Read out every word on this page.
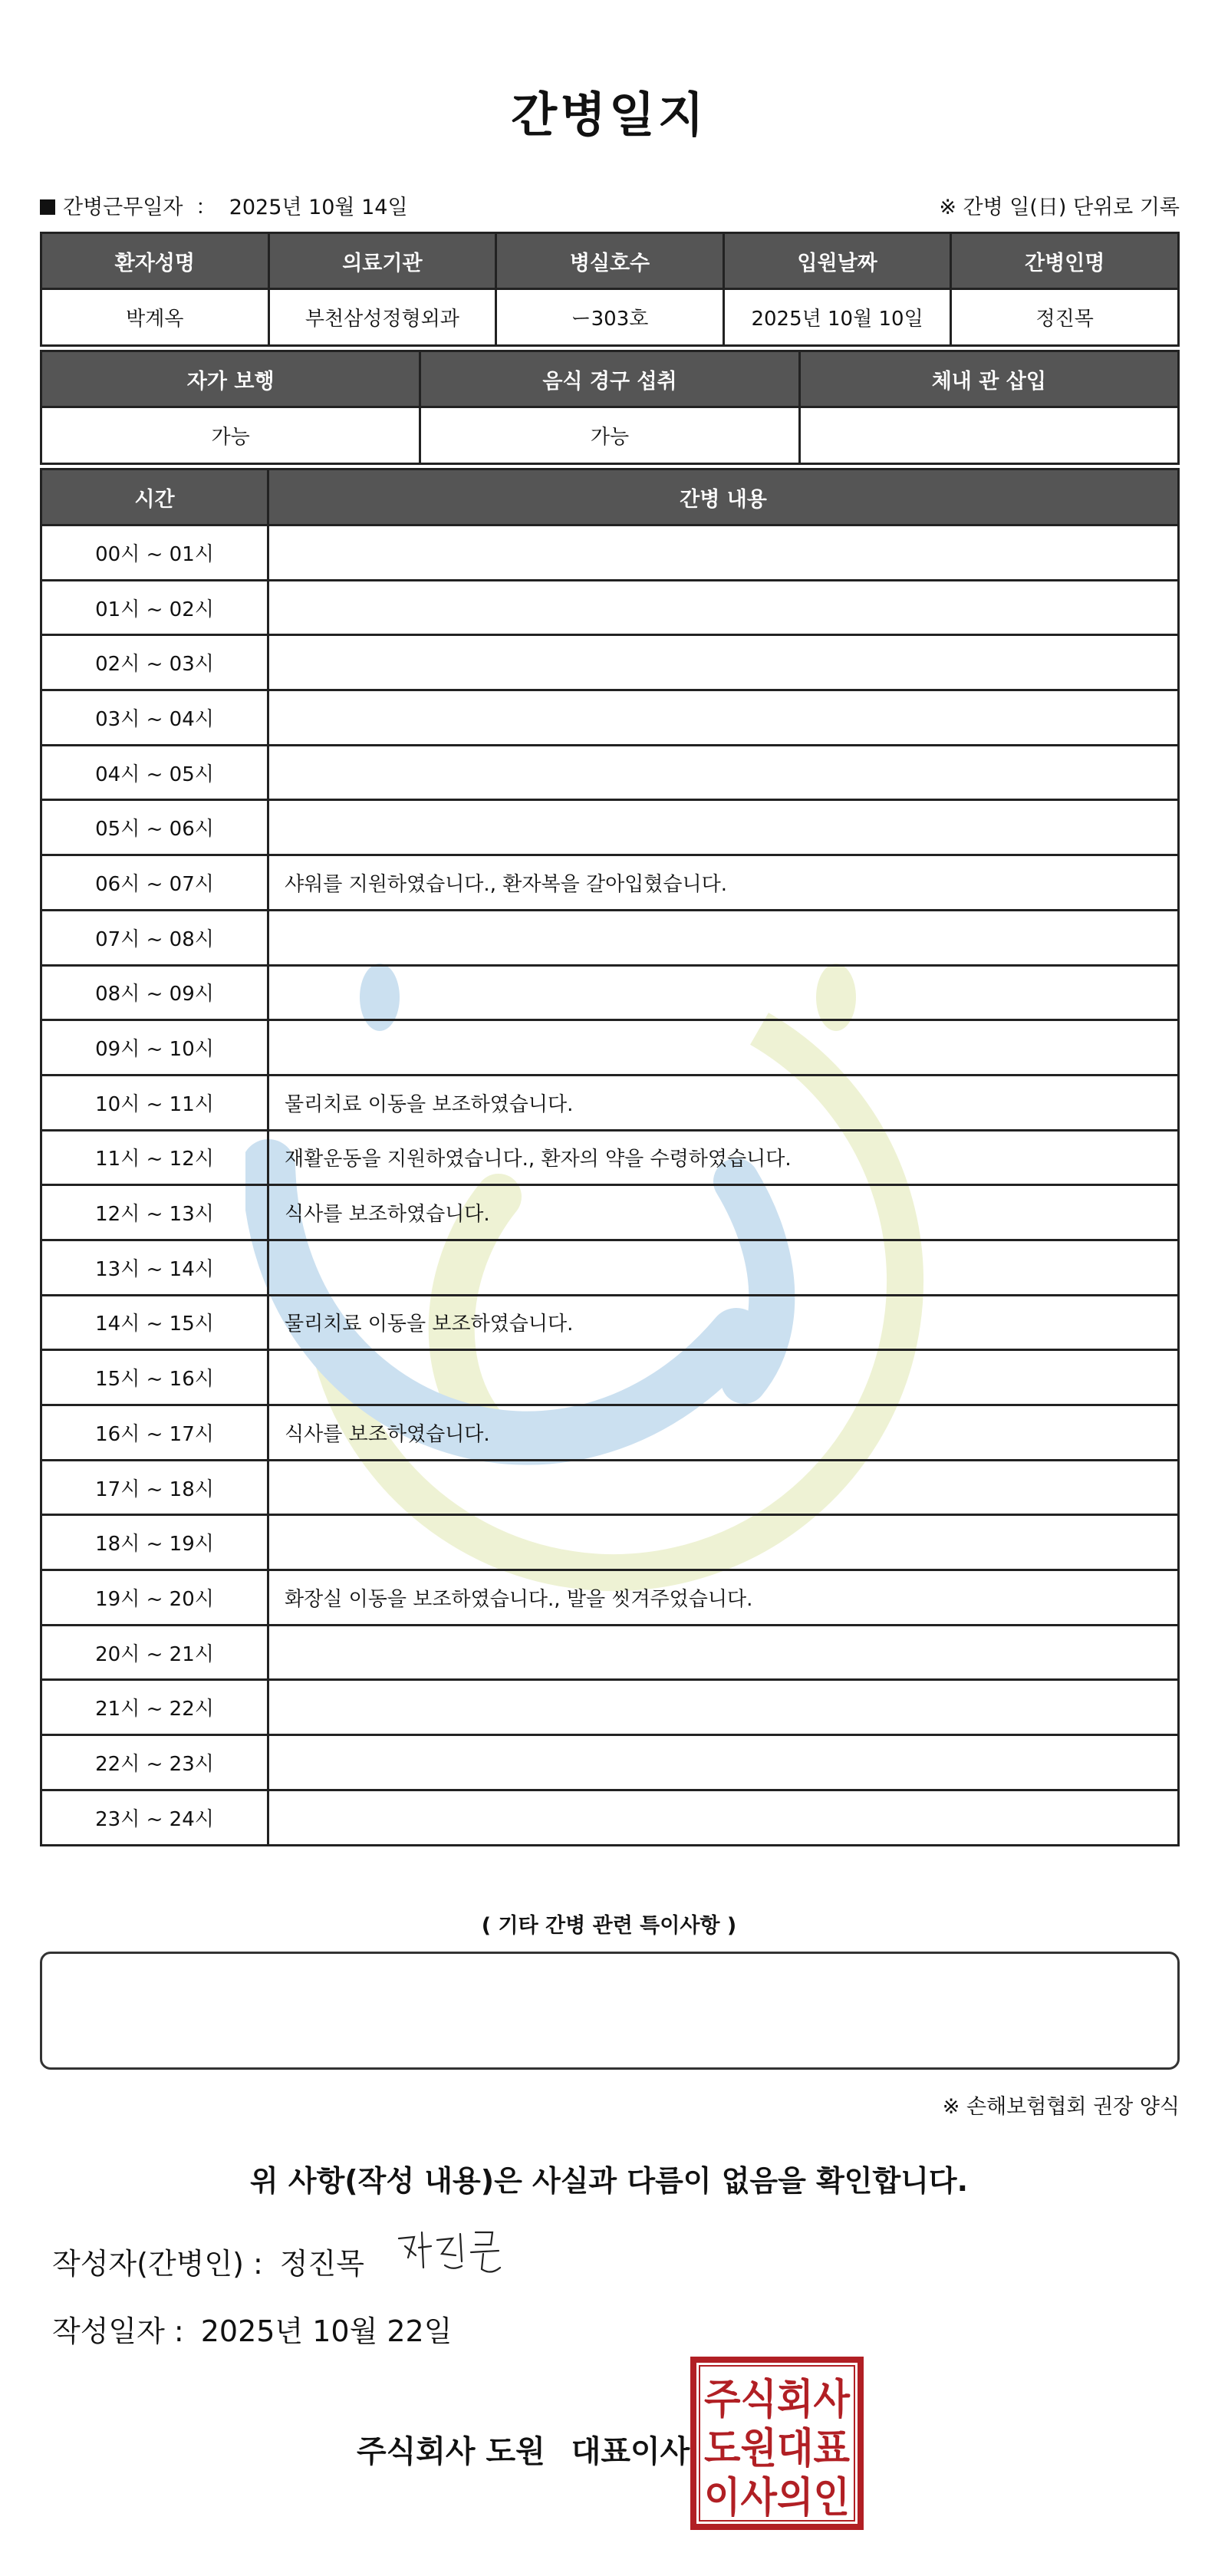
간병일지
간병근무일자 ： 2025년 10월 14일	※ 간병 일(日) 단위로 기록
환자성명	의료기관	병실호수	입원날짜	간병인명
박계옥	부천삼성정형외과	ー303호	2025년 10월 10일	정진목
자가 보행	음식 경구 섭취	체내 관 삽입
가능	가능	
시간	간병 내용
00시 ~ 01시	
01시 ~ 02시	
02시 ~ 03시	
03시 ~ 04시	
04시 ~ 05시	
05시 ~ 06시	
06시 ~ 07시	샤워를 지원하였습니다., 환자복을 갈아입혔습니다.
07시 ~ 08시	
08시 ~ 09시	
09시 ~ 10시	
10시 ~ 11시	물리치료 이동을 보조하였습니다.
11시 ~ 12시	재활운동을 지원하였습니다., 환자의 약을 수령하였습니다.
12시 ~ 13시	식사를 보조하였습니다.
13시 ~ 14시	
14시 ~ 15시	물리치료 이동을 보조하였습니다.
15시 ~ 16시	
16시 ~ 17시	식사를 보조하였습니다.
17시 ~ 18시	
18시 ~ 19시	
19시 ~ 20시	화장실 이동을 보조하였습니다., 발을 씻겨주었습니다.
20시 ~ 21시	
21시 ~ 22시	
22시 ~ 23시	
23시 ~ 24시	
( 기타 간병 관련 특이사항 )
※ 손해보험협회 권장 양식
위 사항(작성 내용)은 사실과 다름이 없음을 확인합니다.
작성자(간병인) : 정진목
작성일자 : 2025년 10월 22일
주식회사 도원 대표이사
주식회사
도원대표
이사의인
